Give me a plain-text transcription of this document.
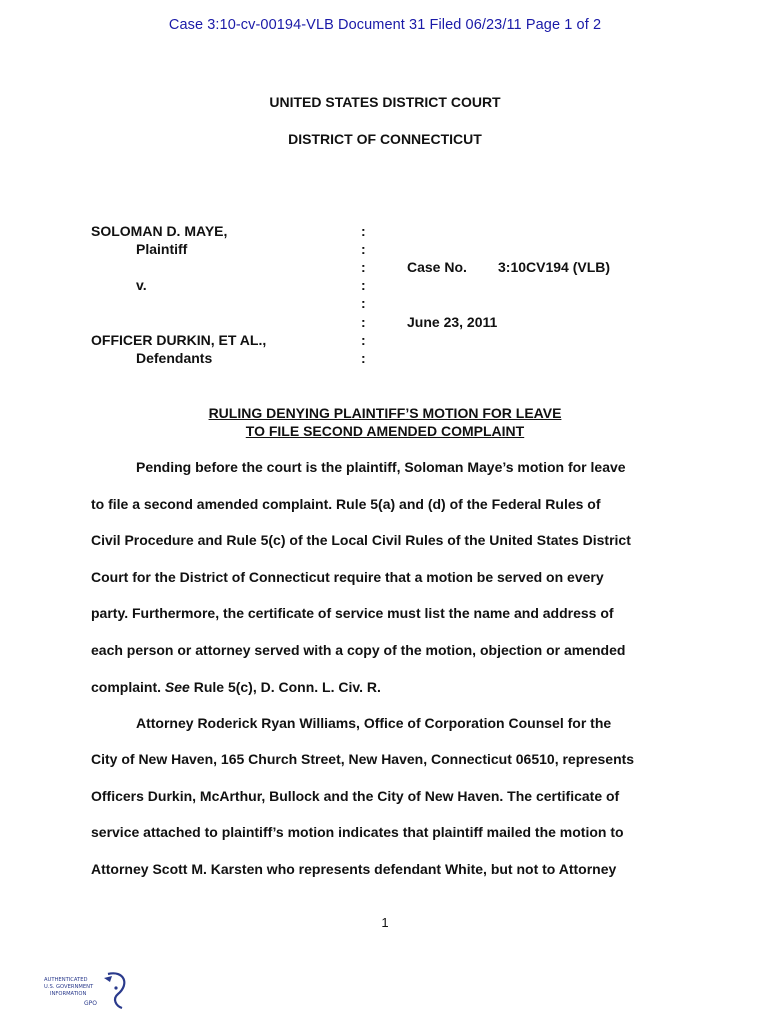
Case 3:10-cv-00194-VLB Document 31 Filed 06/23/11 Page 1 of 2
UNITED STATES DISTRICT COURT
DISTRICT OF CONNECTICUT
SOLOMAN D. MAYE,
Plaintiff
v.
OFFICER DURKIN, ET AL.,
Defendants
:
:
:
:
:
:
:
:
Case No. 3:10CV194 (VLB)
June 23, 2011
RULING DENYING PLAINTIFF’S MOTION FOR LEAVE
TO FILE SECOND AMENDED COMPLAINT
Pending before the court is the plaintiff, Soloman Maye’s motion for leave
to file a second amended complaint. Rule 5(a) and (d) of the Federal Rules of
Civil Procedure and Rule 5(c) of the Local Civil Rules of the United States District
Court for the District of Connecticut require that a motion be served on every
party. Furthermore, the certificate of service must list the name and address of
each person or attorney served with a copy of the motion, objection or amended
complaint. See Rule 5(c), D. Conn. L. Civ. R.
Attorney Roderick Ryan Williams, Office of Corporation Counsel for the
City of New Haven, 165 Church Street, New Haven, Connecticut 06510, represents
Officers Durkin, McArthur, Bullock and the City of New Haven. The certificate of
service attached to plaintiff’s motion indicates that plaintiff mailed the motion to
Attorney Scott M. Karsten who represents defendant White, but not to Attorney
1
AUTHENTICATED
U.S. GOVERNMENT
INFORMATION
GPO
